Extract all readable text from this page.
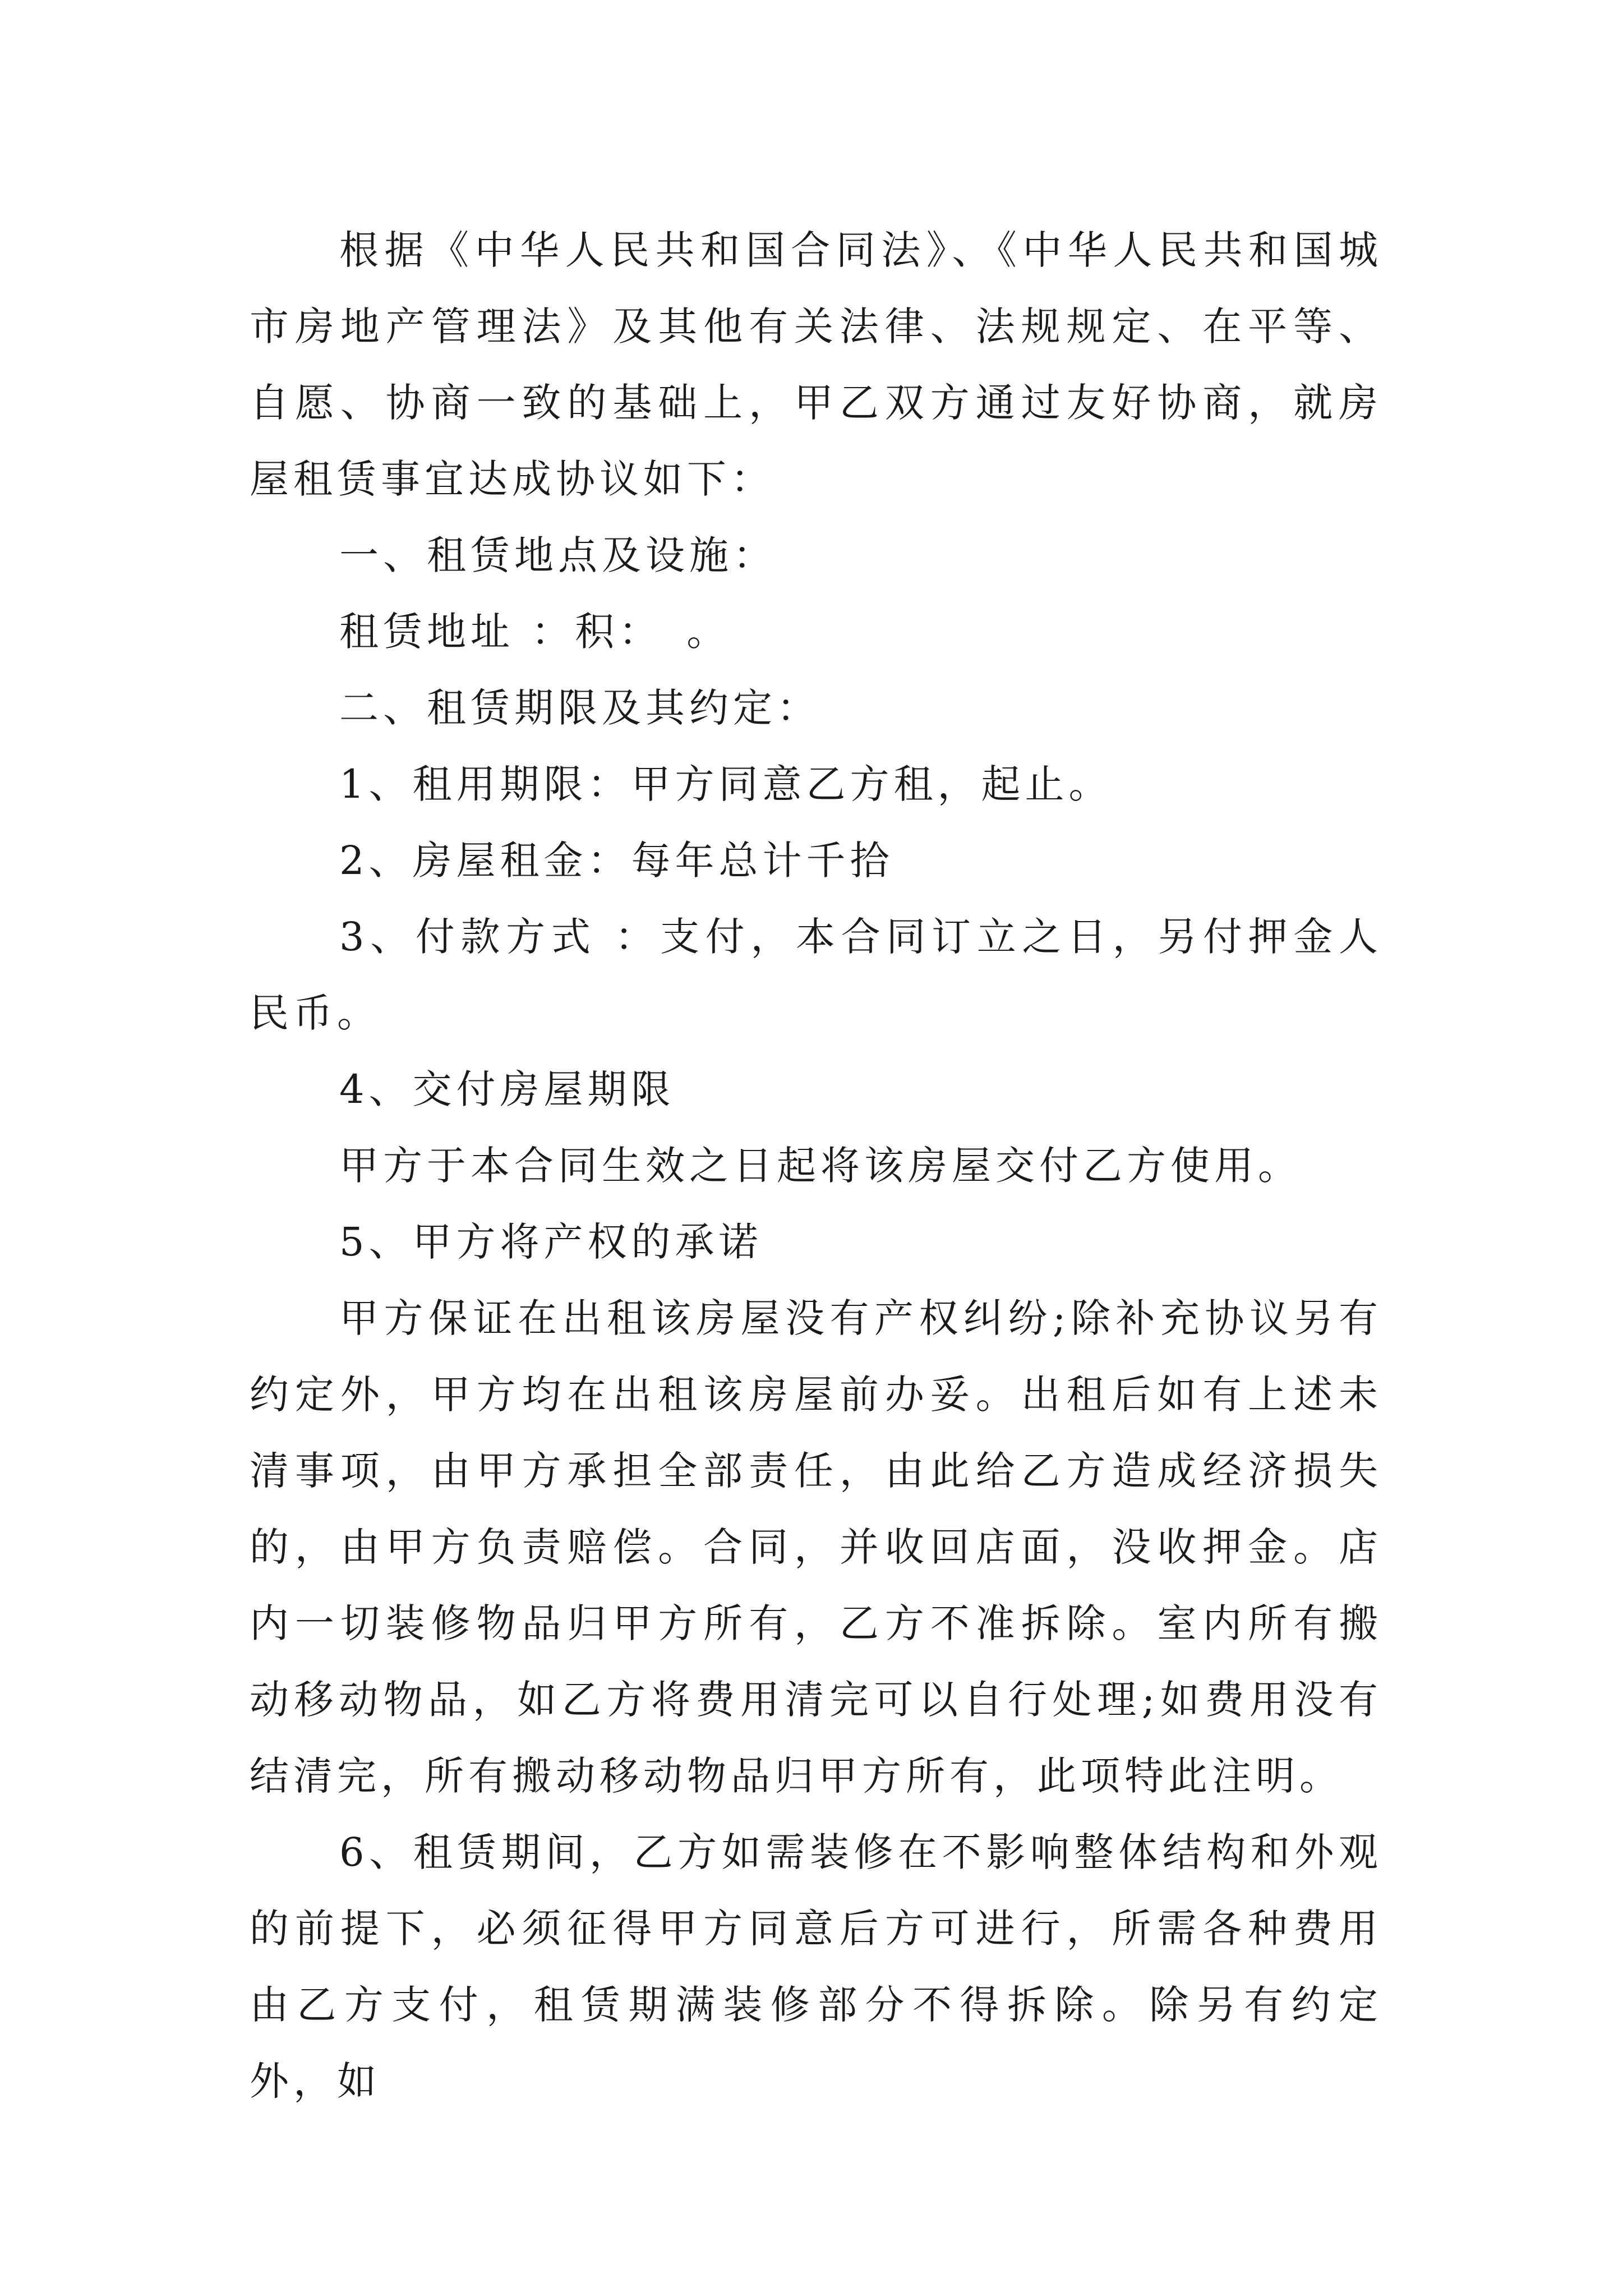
根据《中华人民共和国合同法》、《中华人民共和国城市房地产管理法》及其他有关法律、法规规定、在平等、自愿、协商一致的基础上，甲乙双方通过友好协商，就房屋租赁事宜达成协议如下：

一、租赁地点及设施：

租赁地址 ：积：　。

二、租赁期限及其约定：

1、租用期限：甲方同意乙方租，起止。

2、房屋租金：每年总计千拾

3、付款方式 ：支付，本合同订立之日，另付押金人民币。

4、交付房屋期限

甲方于本合同生效之日起将该房屋交付乙方使用。

5、甲方将产权的承诺

甲方保证在出租该房屋没有产权纠纷;除补充协议另有约定外，甲方均在出租该房屋前办妥。出租后如有上述未清事项，由甲方承担全部责任，由此给乙方造成经济损失的，由甲方负责赔偿。合同，并收回店面，没收押金。店内一切装修物品归甲方所有，乙方不准拆除。室内所有搬动移动物品，如乙方将费用清完可以自行处理;如费用没有结清完，所有搬动移动物品归甲方所有，此项特此注明。

6、租赁期间，乙方如需装修在不影响整体结构和外观的前提下，必须征得甲方同意后方可进行，所需各种费用由乙方支付，租赁期满装修部分不得拆除。除另有约定外，如
